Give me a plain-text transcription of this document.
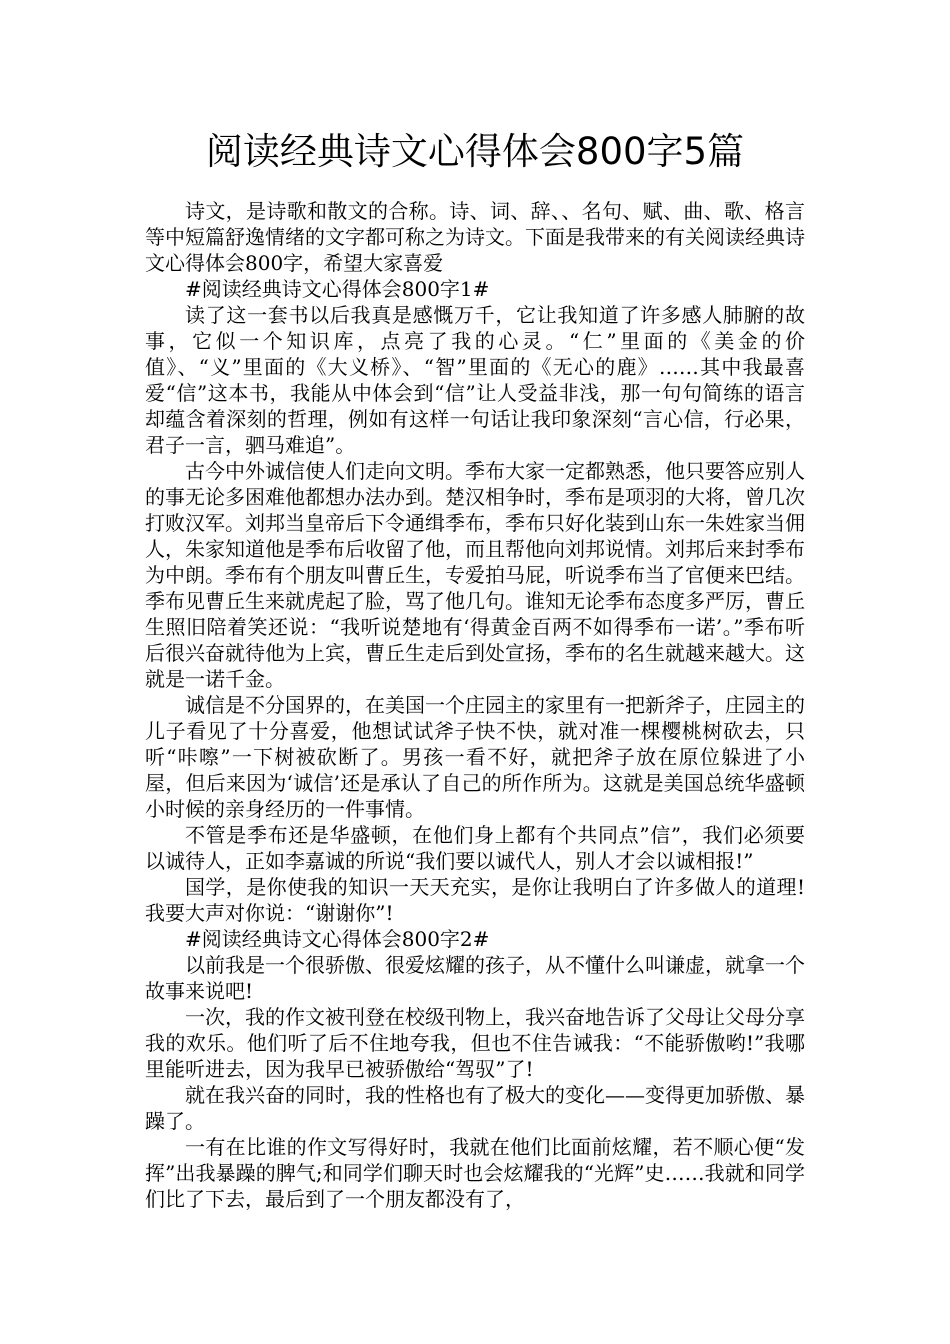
阅读经典诗文心得体会800字5篇

诗文，是诗歌和散文的合称。诗、词、辞、、名句、赋、曲、歌、格言等中短篇舒逸情绪的文字都可称之为诗文。下面是我带来的有关阅读经典诗文心得体会800字，希望大家喜爱

#阅读经典诗文心得体会800字1#

读了这一套书以后我真是感慨万千，它让我知道了许多感人肺腑的故事，它似一个知识库，点亮了我的心灵。“仁”里面的《美金的价值》、“义”里面的《大义桥》、“智”里面的《无心的鹿》……其中我最喜爱“信”这本书，我能从中体会到“信”让人受益非浅，那一句句简练的语言却蕴含着深刻的哲理，例如有这样一句话让我印象深刻“言心信，行必果，君子一言，驷马难追”。

古今中外诚信使人们走向文明。季布大家一定都熟悉，他只要答应别人的事无论多困难他都想办法办到。楚汉相争时，季布是项羽的大将，曾几次打败汉军。刘邦当皇帝后下令通缉季布，季布只好化装到山东一朱姓家当佣人，朱家知道他是季布后收留了他，而且帮他向刘邦说情。刘邦后来封季布为中朗。季布有个朋友叫曹丘生，专爱拍马屁，听说季布当了官便来巴结。季布见曹丘生来就虎起了脸，骂了他几句。谁知无论季布态度多严厉，曹丘生照旧陪着笑还说：“我听说楚地有‘得黄金百两不如得季布一诺’。”季布听后很兴奋就待他为上宾，曹丘生走后到处宣扬，季布的名生就越来越大。这就是一诺千金。

诚信是不分国界的，在美国一个庄园主的家里有一把新斧子，庄园主的儿子看见了十分喜爱，他想试试斧子快不快，就对准一棵樱桃树砍去，只听“咔嚓”一下树被砍断了。男孩一看不好，就把斧子放在原位躲进了小屋，但后来因为‘诚信’还是承认了自己的所作所为。这就是美国总统华盛顿小时候的亲身经历的一件事情。

不管是季布还是华盛顿，在他们身上都有个共同点”信”，我们必须要以诚待人，正如李嘉诚的所说“我们要以诚代人，别人才会以诚相报!”

国学，是你使我的知识一天天充实，是你让我明白了许多做人的道理!我要大声对你说：“谢谢你”!

#阅读经典诗文心得体会800字2#

以前我是一个很骄傲、很爱炫耀的孩子，从不懂什么叫谦虚，就拿一个故事来说吧!

一次，我的作文被刊登在校级刊物上，我兴奋地告诉了父母让父母分享我的欢乐。他们听了后不住地夸我，但也不住告诫我：“不能骄傲哟!”我哪里能听进去，因为我早已被骄傲给“驾驭”了!

就在我兴奋的同时，我的性格也有了极大的变化——变得更加骄傲、暴躁了。

一有在比谁的作文写得好时，我就在他们比面前炫耀，若不顺心便“发挥”出我暴躁的脾气;和同学们聊天时也会炫耀我的“光辉”史……我就和同学们比了下去，最后到了一个朋友都没有了，
